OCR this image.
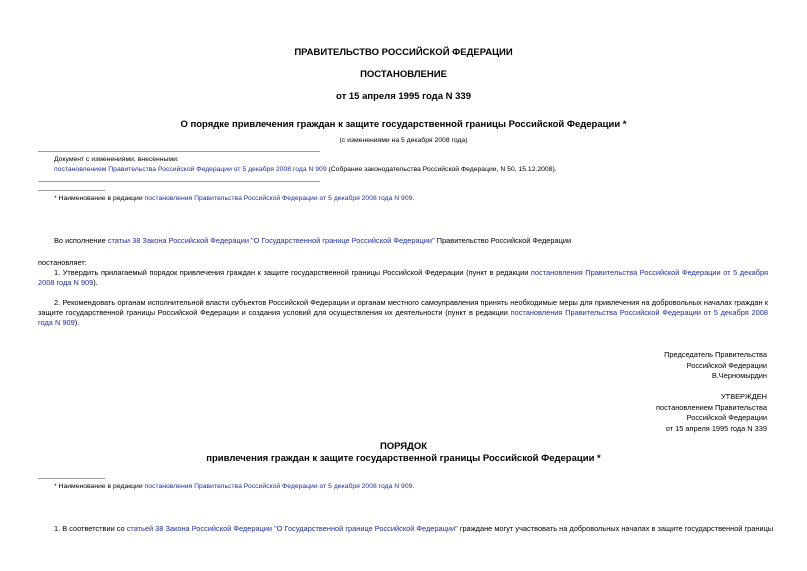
ПРАВИТЕЛЬСТВО РОССИЙСКОЙ ФЕДЕРАЦИИ
ПОСТАНОВЛЕНИЕ
от 15 апреля 1995 года N 339
О порядке привлечения граждан к защите государственной границы Российской Федерации *
(с изменениями на 5 декабря 2008 года)
Документ с изменениями, внесенными:
постановлением Правительства Российской Федерации от 5 декабря 2008 года N 909 (Собрание законодательства Российской Федерации, N 50, 15.12.2008).
* Наименование в редакции постановления Правительства Российской Федерации от 5 декабря 2008 года N 909.
Во исполнение статьи 38 Закона Российской Федерации "О Государственной границе Российской Федерации" Правительство Российской Федерации
постановляет:
1. Утвердить прилагаемый порядок привлечения граждан к защите государственной границы Российской Федерации (пункт в редакции постановления Правительства Российской Федерации от 5 декабря 2008 года N 909).
2. Рекомендовать органам исполнительной власти субъектов Российской Федерации и органам местного самоуправления принять необходимые меры для привлечения на добровольных началах граждан к защите государственной границы Российской Федерации и создания условий для осуществления их деятельности (пункт в редакции постановления Правительства Российской Федерации от 5 декабря 2008 года N 909).
Председатель Правительства
Российской Федерации
В.Черномырдин
УТВЕРЖДЕН
постановлением Правительства
Российской Федерации
от 15 апреля 1995 года N 339
ПОРЯДОК
привлечения граждан к защите государственной границы Российской Федерации *
* Наименование в редакции постановления Правительства Российской Федерации от 5 декабря 2008 года N 909.
1. В соответствии со статьей 38 Закона Российской Федерации "О Государственной границе Российской Федерации" граждане могут участвовать на добровольных началах в защите государственной границы
